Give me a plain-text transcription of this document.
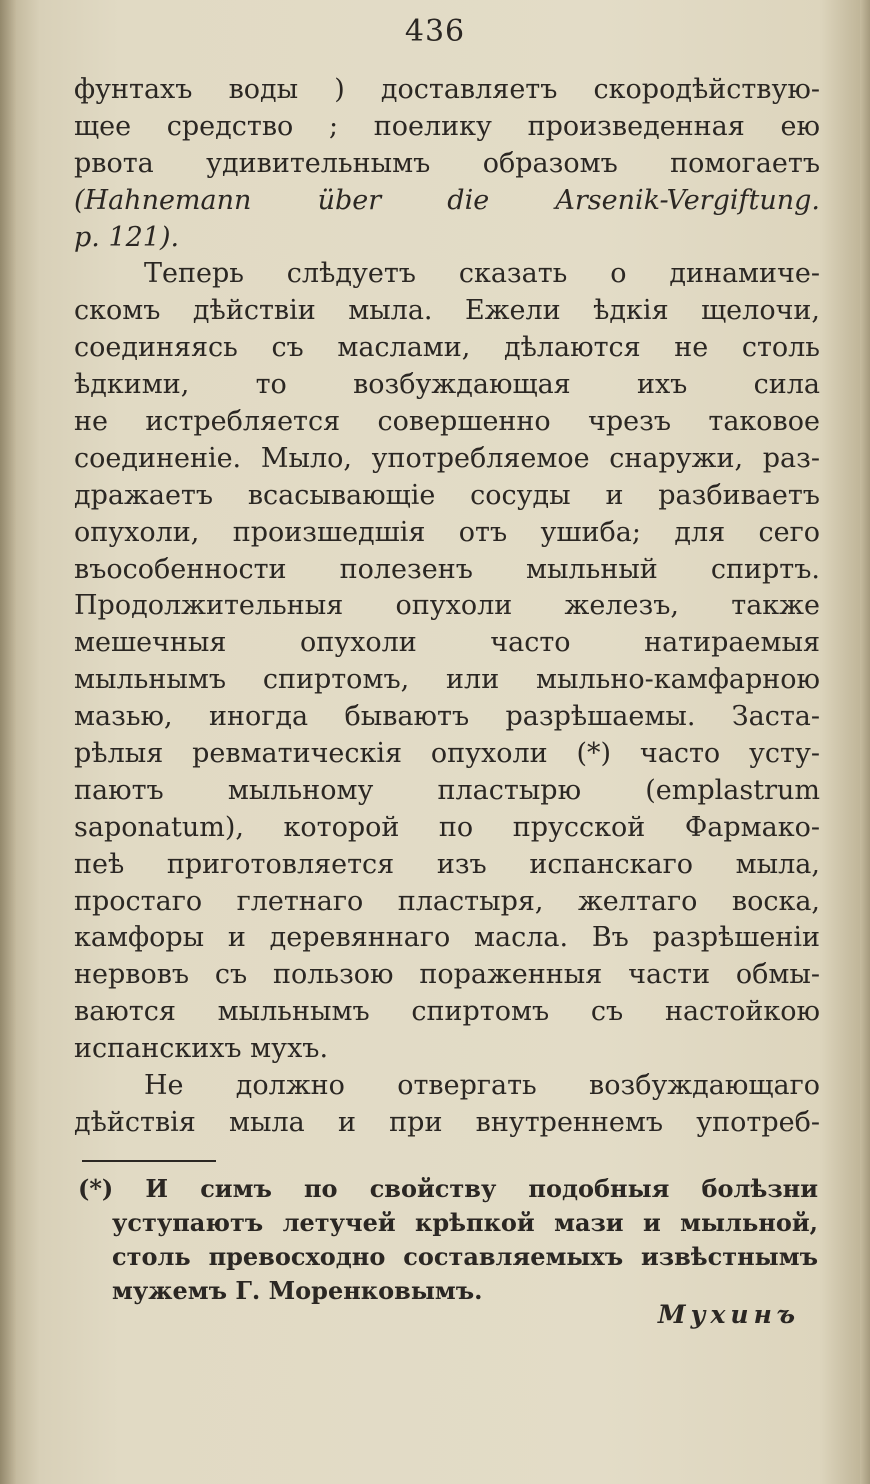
436
фунтахъ воды ) доставляетъ скородѣйствую-
щее средство ; поелику произведенная ею
рвота удивительнымъ образомъ помогаетъ
(Hahnemann über die Arsenik-Vergiftung.
p. 121).
Теперь слѣдуетъ сказать о динамиче-
скомъ дѣйствіи мыла. Ежели ѣдкія щелочи,
соединяясь съ маслами, дѣлаются не столь
ѣдкими, то возбуждающая ихъ сила
не истребляется совершенно чрезъ таковое
соединеніе. Мыло, употребляемое снаружи, раз-
дражаетъ всасывающіе сосуды и разбиваетъ
опухоли, произшедшія отъ ушиба; для сего
въособенности полезенъ мыльный спиртъ.
Продолжительныя опухоли железъ, также
мешечныя опухоли часто натираемыя
мыльнымъ спиртомъ, или мыльно-камфарною
мазью, иногда бываютъ разрѣшаемы. Заста-
рѣлыя ревматическія опухоли (*) часто усту-
паютъ мыльному пластырю (emplastrum
saponatum), которой по прусской Фармако-
пеѣ приготовляется изъ испанскаго мыла,
простаго глетнаго пластыря, желтаго воска,
камфоры и деревяннаго масла. Въ разрѣшеніи
нервовъ съ пользою пораженныя части обмы-
ваются мыльнымъ спиртомъ съ настойкою
испанскихъ мухъ.
Не должно отвергать возбуждающаго
дѣйствія мыла и при внутреннемъ употреб-
(*) И симъ по свойству подобныя болѣзни
уступаютъ летучей крѣпкой мази и мыльной,
столь превосходно составляемыхъ извѣстнымъ
мужемъ Г. Моренковымъ.
Мухинъ
